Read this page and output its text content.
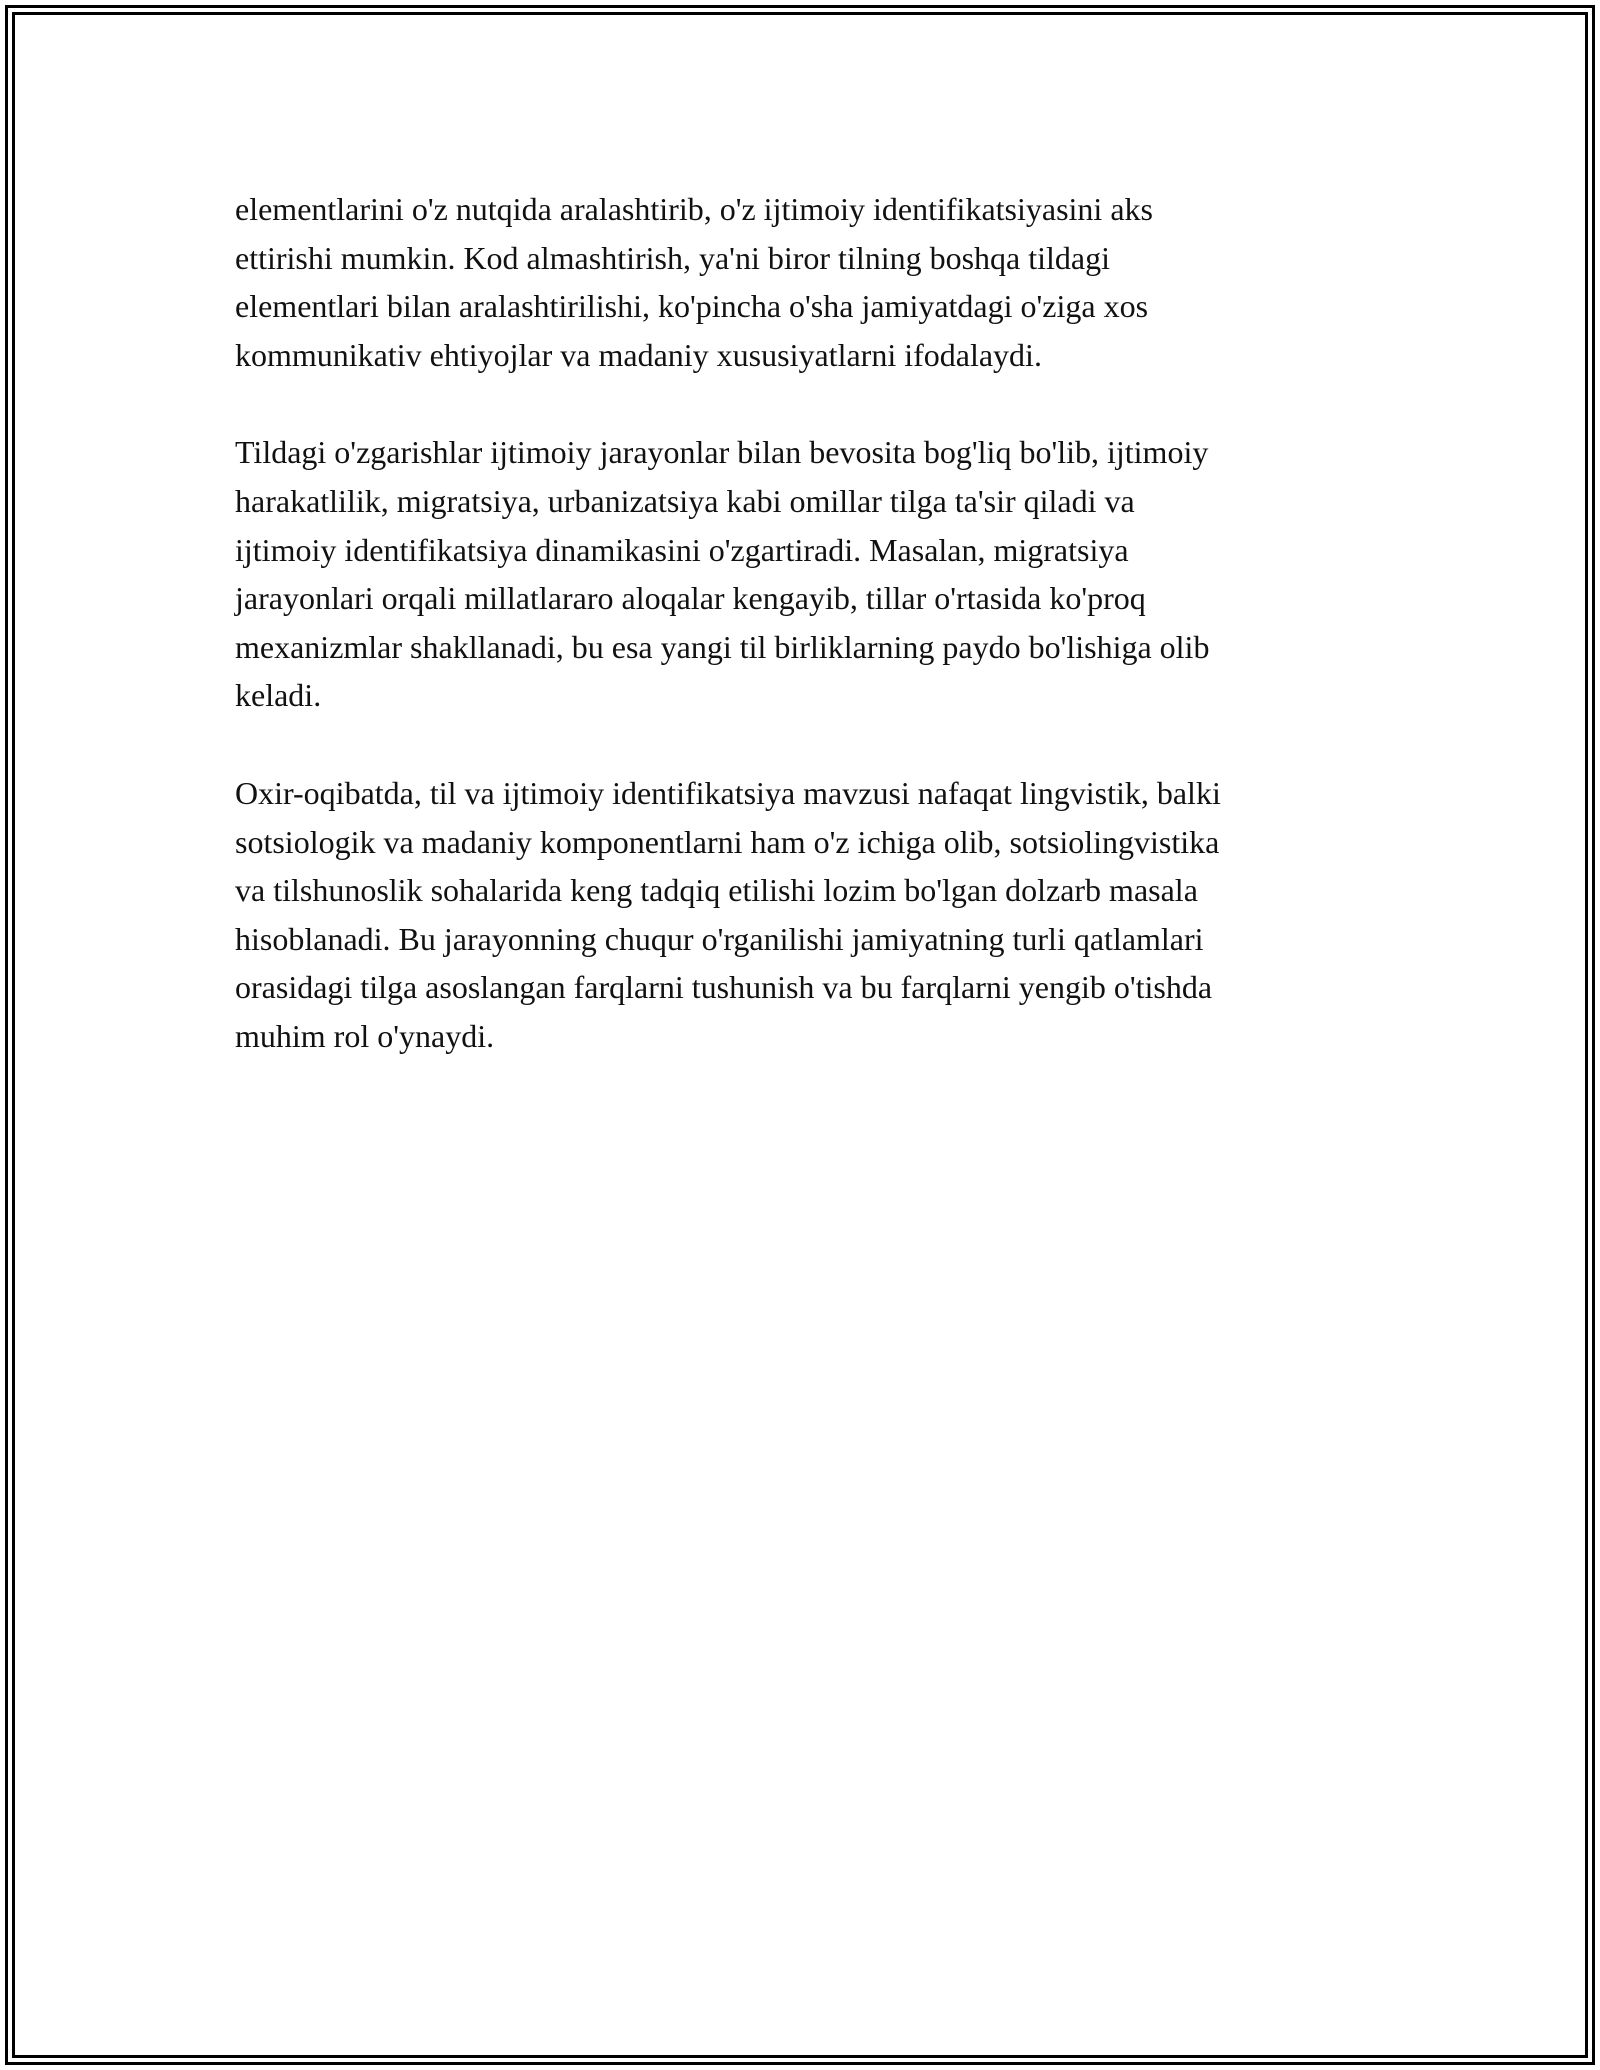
elementlarini o'z nutqida aralashtirib, o'z ijtimoiy identifikatsiyasini aks
ettirishi mumkin. Kod almashtirish, ya'ni biror tilning boshqa tildagi
elementlari bilan aralashtirilishi, ko'pincha o'sha jamiyatdagi o'ziga xos
kommunikativ ehtiyojlar va madaniy xususiyatlarni ifodalaydi.

Tildagi o'zgarishlar ijtimoiy jarayonlar bilan bevosita bog'liq bo'lib, ijtimoiy
harakatlilik, migratsiya, urbanizatsiya kabi omillar tilga ta'sir qiladi va
ijtimoiy identifikatsiya dinamikasini o'zgartiradi. Masalan, migratsiya
jarayonlari orqali millatlararo aloqalar kengayib, tillar o'rtasida ko'proq
mexanizmlar shakllanadi, bu esa yangi til birliklarning paydo bo'lishiga olib
keladi.

Oxir-oqibatda, til va ijtimoiy identifikatsiya mavzusi nafaqat lingvistik, balki
sotsiologik va madaniy komponentlarni ham o'z ichiga olib, sotsiolingvistika
va tilshunoslik sohalarida keng tadqiq etilishi lozim bo'lgan dolzarb masala
hisoblanadi. Bu jarayonning chuqur o'rganilishi jamiyatning turli qatlamlari
orasidagi tilga asoslangan farqlarni tushunish va bu farqlarni yengib o'tishda
muhim rol o'ynaydi.
